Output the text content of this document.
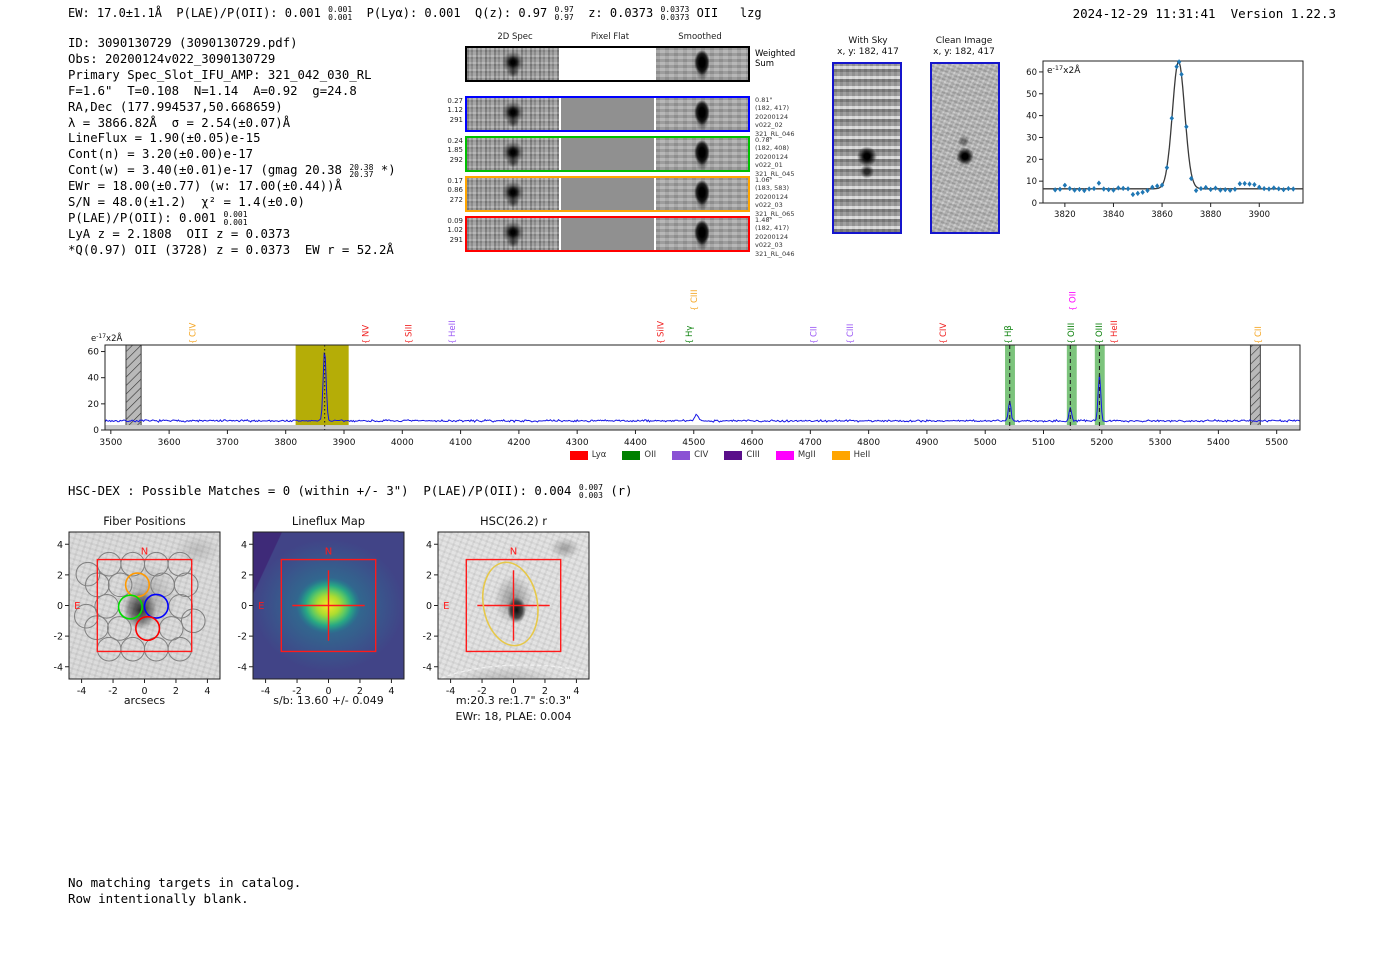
EW: 17.0±1.1Å  P(LAE)/P(OII): 0.001 0.001
0.001 P(Lyα): 0.001  Q(z): 0.97 0.97
0.97 z: 0.0373 0.0373
0.0373 OII   lzg	2024-12-29 11:31:41  Version 1.22.3
ID: 3090130729 (3090130729.pdf)
Obs: 20200124v022_3090130729
Primary Spec_Slot_IFU_AMP: 321_042_030_RL
F=1.6"  T=0.108  N=1.14  A=0.92  g=24.8
RA,Dec (177.994537,50.668659)
λ = 3866.82Å  σ = 2.54(±0.07)Å
LineFlux = 1.90(±0.05)e-15
Cont(n) = 3.20(±0.00)e-17
Cont(w) = 3.40(±0.01)e-17 (gmag 20.38 20.38
20.37 *)
EWr = 18.00(±0.77) (w: 17.00(±0.44))Å
S/N = 48.0(±1.2)  χ² = 1.4(±0.0)
P(LAE)/P(OII): 0.001 0.001
0.001
LyA z = 2.1808  OII z = 0.0373
*Q(0.97) OII (3728) z = 0.0373  EW r = 52.2Å
2D Spec	Pixel Flat	Smoothed
Weighted
Sum
0.27
1.12
291
0.81"
(182, 417)
20200124
v022_02
321_RL_046
0.24
1.85
292
0.78"
(182, 408)
20200124
v022_01
321_RL_045
0.17
0.86
272
1.06"
(183, 583)
20200124
v022_03
321_RL_065
0.09
1.02
291
1.48"
(182, 417)
20200124
v022_03
321_RL_046
With Sky
x, y: 182, 417
Clean Image
x, y: 182, 417
0
10
20
30
40
50
60
3820	3840	3860	3880	3900
$e^{-17}x2Å$
0
20
40
60
3500	3600	3700	3800	3900	4000	4100	4200	4300	4400	4500	4600	4700	4800	4900	5000	5100	5200	5300	5400	5500
$e^{-17}x2Å$
CIV
{
NV
{
SiII
{
HeII
{
SiIV
{
CIII
{
Hγ
{
CII
{
CIII
{
CIV
{
Hβ
{
OII
{
OIII
{
OIII
{
HeII
{
CII
{
Lyα	OII	CIV	CIII	MgII	HeII
HSC-DEX : Possible Matches = 0 (within +/- 3")  P(LAE)/P(OII): 0.004 0.007
0.003 (r)
Fiber Positions
-4 -2 0	2	4
-4
-2
0
2
4
N
E
arcsecs
Lineflux Map
-4 -2 0	2	4
-4
-2
0
2
4
N
E
s/b: 13.60 +/- 0.049
HSC(26.2) r
-4 -2 0	2	4
-4
-2
0
2
4
N
E
m:20.3 re:1.7" s:0.3"
EWr: 18, PLAE: 0.004
No matching targets in catalog.
Row intentionally blank.
